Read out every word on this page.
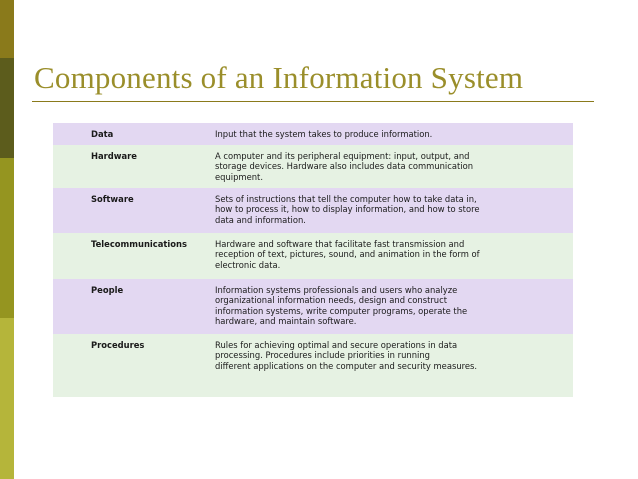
Components of an Information System
Data	Input that the system takes to produce information.
Hardware	A computer and its peripheral equipment: input, output, and
storage devices. Hardware also includes data communication
equipment.
Software	Sets of instructions that tell the computer how to take data in,
how to process it, how to display information, and how to store
data and information.
Telecommunications	Hardware and software that facilitate fast transmission and
reception of text, pictures, sound, and animation in the form of
electronic data.
People	Information systems professionals and users who analyze
organizational information needs, design and construct
information systems, write computer programs, operate the
hardware, and maintain software.
Procedures	Rules for achieving optimal and secure operations in data
processing. Procedures include priorities in running
different applications on the computer and security measures.
